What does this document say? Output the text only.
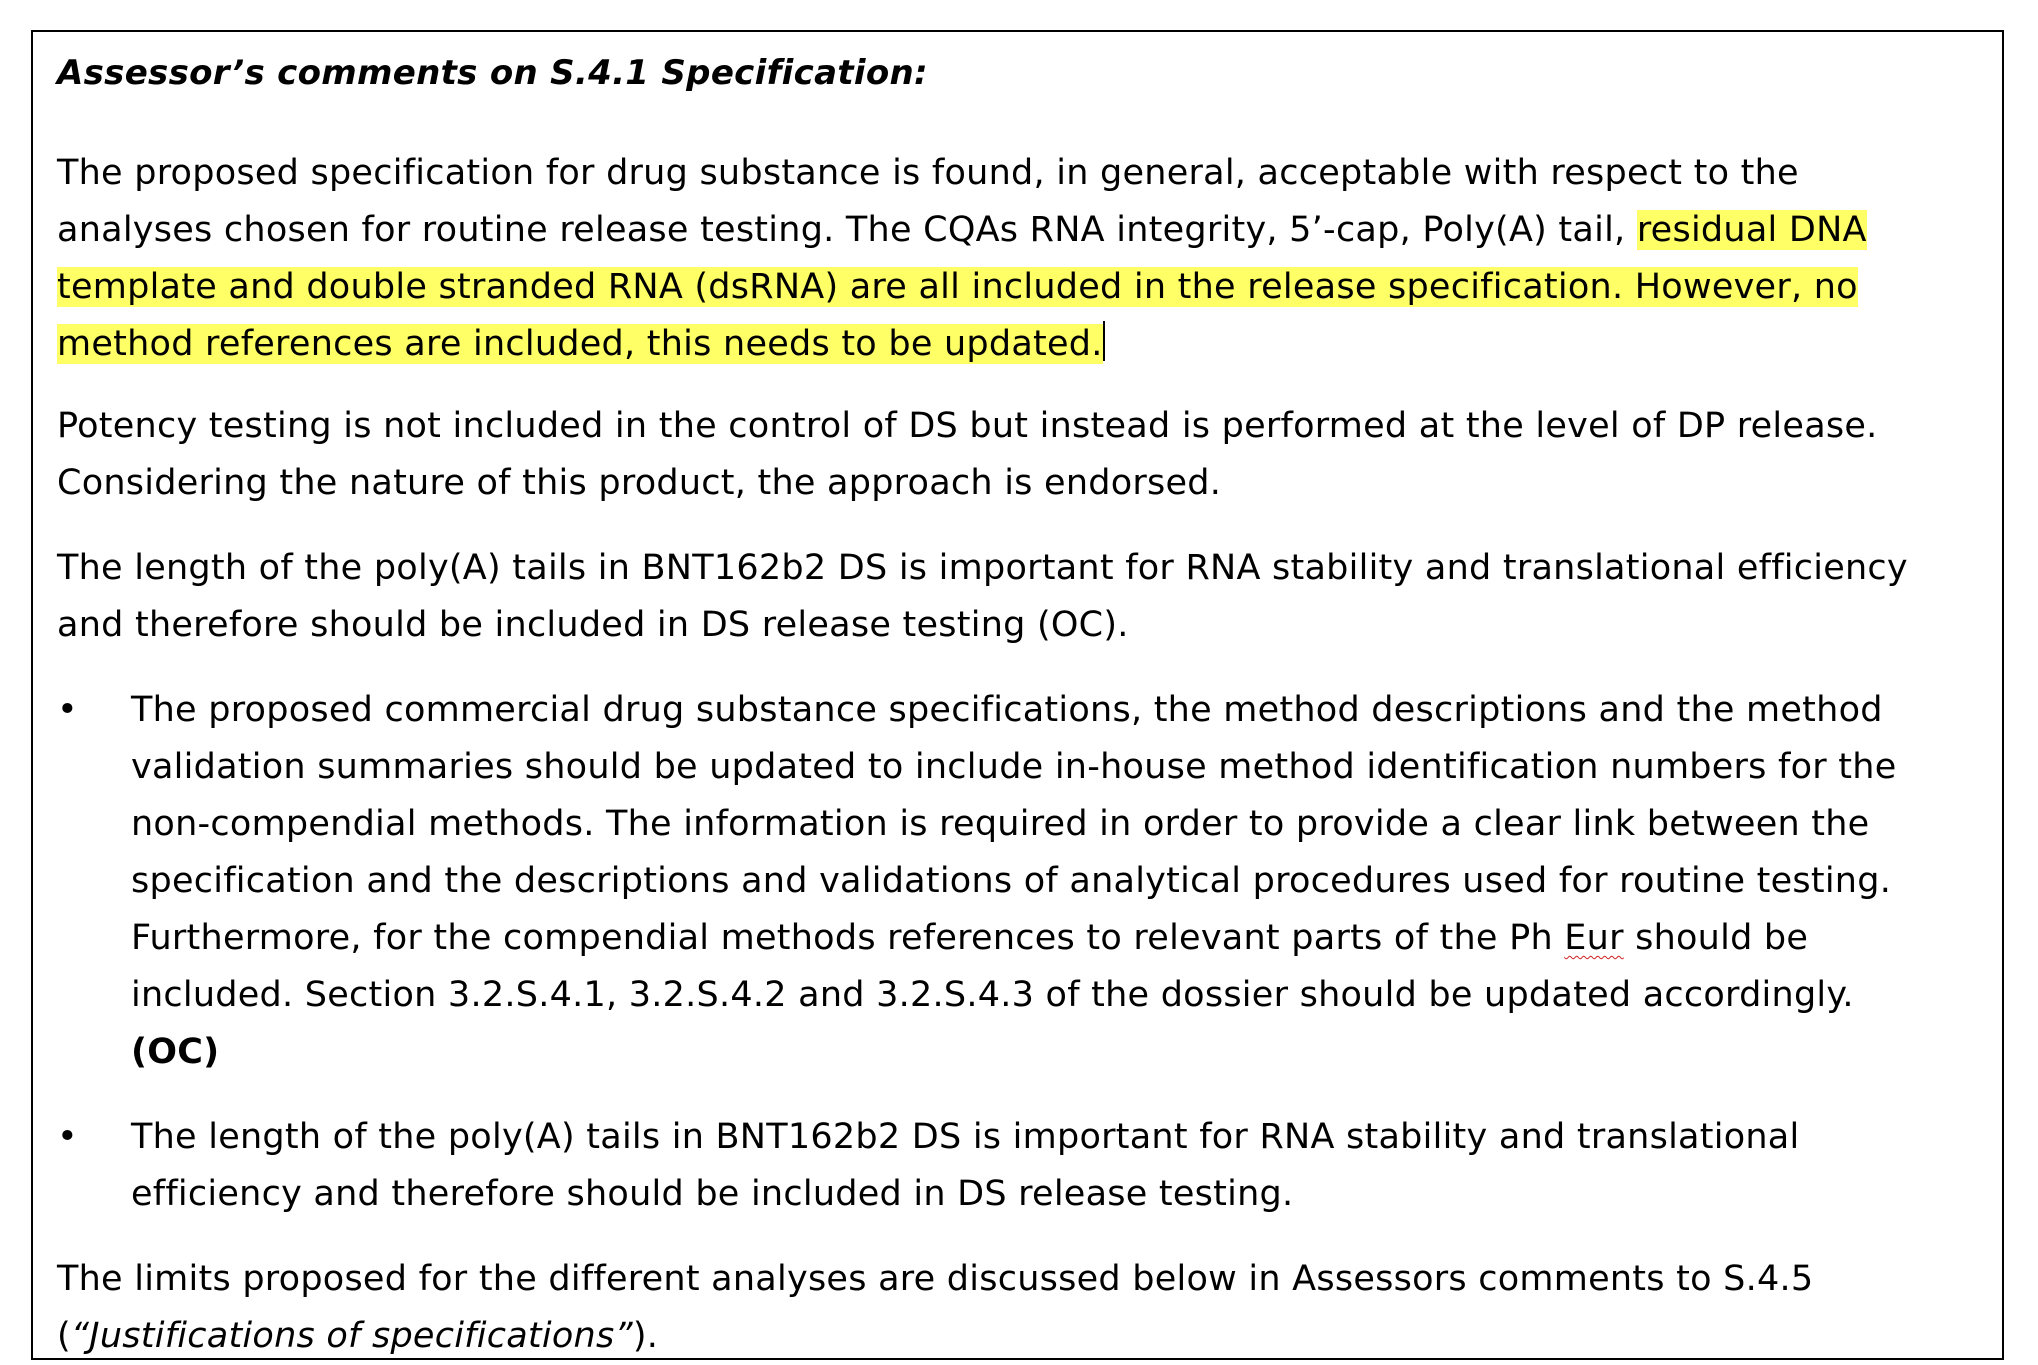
Assessor’s comments on S.4.1 Specification:

The proposed specification for drug substance is found, in general, acceptable with respect to the analyses chosen for routine release testing. The CQAs RNA integrity, 5’-cap, Poly(A) tail, residual DNA template and double stranded RNA (dsRNA) are all included in the release specification. However, no method references are included, this needs to be updated.

Potency testing is not included in the control of DS but instead is performed at the level of DP release. Considering the nature of this product, the approach is endorsed.

The length of the poly(A) tails in BNT162b2 DS is important for RNA stability and translational efficiency and therefore should be included in DS release testing (OC).

• The proposed commercial drug substance specifications, the method descriptions and the method validation summaries should be updated to include in-house method identification numbers for the non-compendial methods. The information is required in order to provide a clear link between the specification and the descriptions and validations of analytical procedures used for routine testing. Furthermore, for the compendial methods references to relevant parts of the Ph Eur should be included. Section 3.2.S.4.1, 3.2.S.4.2 and 3.2.S.4.3 of the dossier should be updated accordingly.
(OC)
• The length of the poly(A) tails in BNT162b2 DS is important for RNA stability and translational efficiency and therefore should be included in DS release testing.

The limits proposed for the different analyses are discussed below in Assessors comments to S.4.5 (“Justifications of specifications”).
